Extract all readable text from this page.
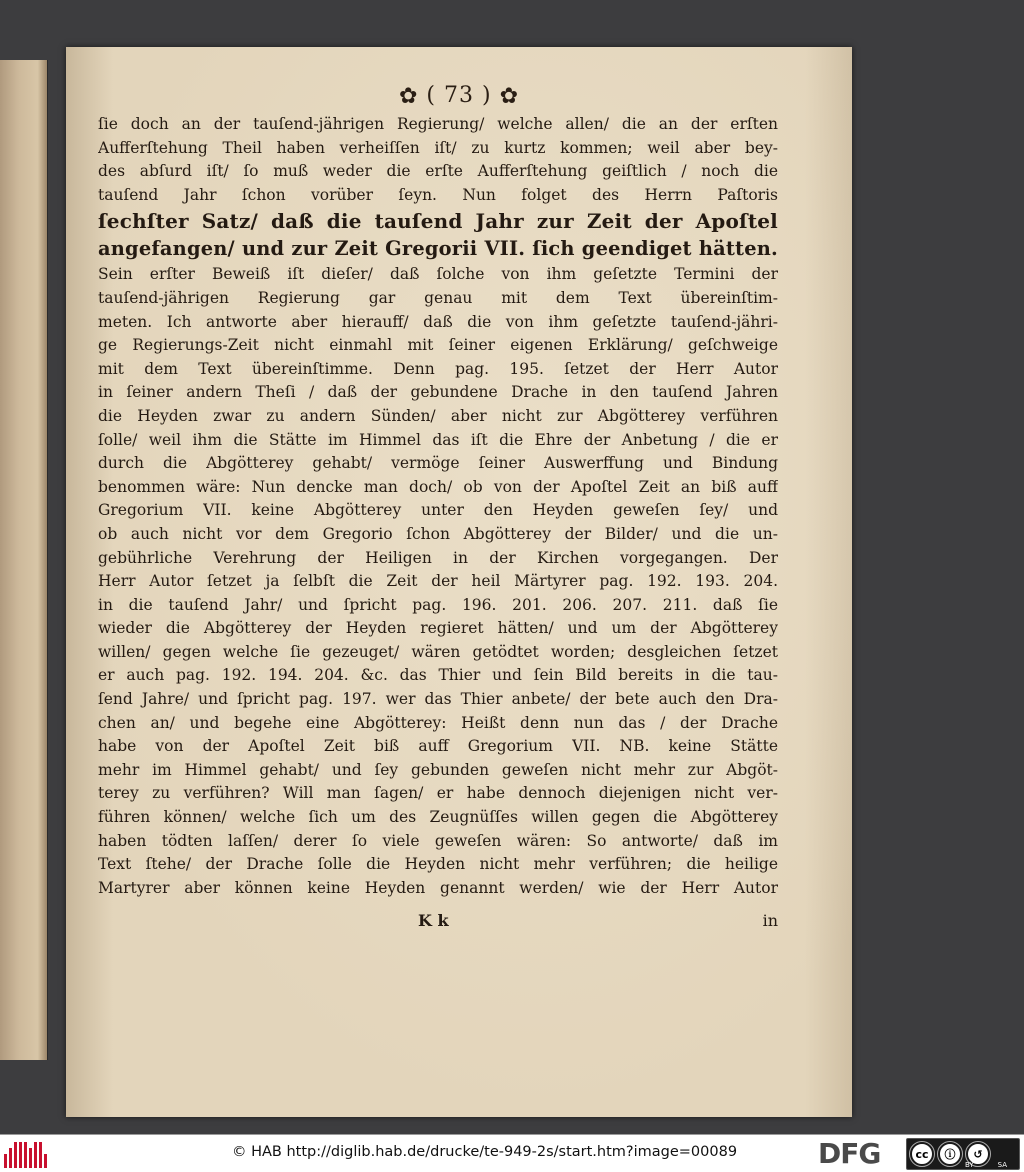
✿ ( 73 ) ✿
ſie doch an der tauſend-jährigen Regierung/ welche allen/ die an der erſten
Aufferſtehung Theil haben verheiſſen iſt/ zu kurtz kommen; weil aber bey-
des abſurd iſt/ ſo muß weder die erſte Aufferſtehung geiſtlich / noch die
tauſend Jahr ſchon vorüber ſeyn. Nun folget des Herrn Paſtoris
ſechſter Satz/ daß die tauſend Jahr zur Zeit der Apoſtel
angefangen/ und zur Zeit Gregorii VII. ſich geendiget hätten.
Sein erſter Beweiß iſt dieſer/ daß ſolche von ihm geſetzte Termini der
tauſend-jährigen Regierung gar genau mit dem Text übereinſtim-
meten. Ich antworte aber hierauff/ daß die von ihm geſetzte tauſend-jähri-
ge Regierungs-Zeit nicht einmahl mit ſeiner eigenen Erklärung/ geſchweige
mit dem Text übereinſtimme. Denn pag. 195. ſetzet der Herr Autor
in ſeiner andern Theſi / daß der gebundene Drache in den tauſend Jahren
die Heyden zwar zu andern Sünden/ aber nicht zur Abgötterey verführen
ſolle/ weil ihm die Stätte im Himmel das iſt die Ehre der Anbetung / die er
durch die Abgötterey gehabt/ vermöge ſeiner Auswerffung und Bindung
benommen wäre: Nun dencke man doch/ ob von der Apoſtel Zeit an biß auff
Gregorium VII. keine Abgötterey unter den Heyden geweſen ſey/ und
ob auch nicht vor dem Gregorio ſchon Abgötterey der Bilder/ und die un-
gebührliche Verehrung der Heiligen in der Kirchen vorgegangen. Der
Herr Autor ſetzet ja ſelbſt die Zeit der heil Märtyrer pag. 192. 193. 204.
in die tauſend Jahr/ und ſpricht pag. 196. 201. 206. 207. 211. daß ſie
wieder die Abgötterey der Heyden regieret hätten/ und um der Abgötterey
willen/ gegen welche ſie gezeuget/ wären getödtet worden; desgleichen ſetzet
er auch pag. 192. 194. 204. &c. das Thier und ſein Bild bereits in die tau-
ſend Jahre/ und ſpricht pag. 197. wer das Thier anbete/ der bete auch den Dra-
chen an/ und begehe eine Abgötterey: Heißt denn nun das / der Drache
habe von der Apoſtel Zeit biß auff Gregorium VII. NB. keine Stätte
mehr im Himmel gehabt/ und ſey gebunden geweſen nicht mehr zur Abgöt-
terey zu verführen? Will man ſagen/ er habe dennoch diejenigen nicht ver-
führen können/ welche ſich um des Zeugnüſſes willen gegen die Abgötterey
haben tödten laſſen/ derer ſo viele geweſen wären: So antworte/ daß im
Text ſtehe/ der Drache ſolle die Heyden nicht mehr verführen; die heilige
Martyrer aber können keine Heyden genannt werden/ wie der Herr Autor
K k	in
© HAB http://diglib.hab.de/drucke/te-949-2s/start.htm?image=00089	DFG	cc	ⓘ	↺
BY	SA
